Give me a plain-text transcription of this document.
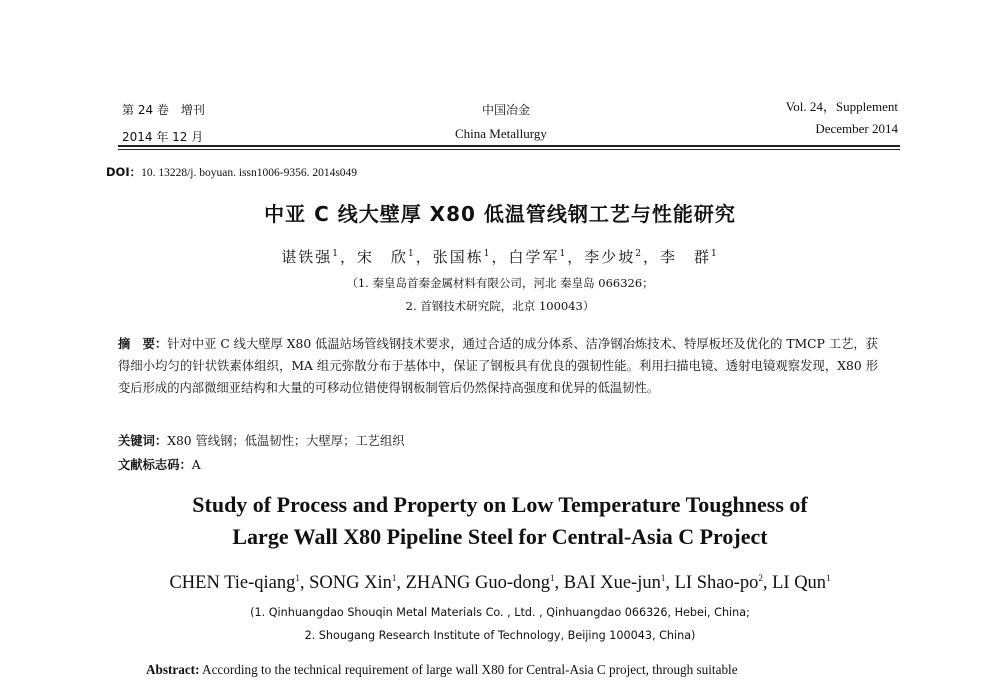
第 24 卷　增刊
2014 年 12 月
中国冶金
China Metallurgy
Vol. 24，Supplement
December 2014
DOI：10. 13228/j. boyuan. issn1006-9356. 2014s049
中亚 C 线大壁厚 X80 低温管线钢工艺与性能研究
谌铁强$^1$，宋　欣$^1$，张国栋$^1$，白学军$^1$，李少坡$^2$，李　群$^1$
（1. 秦皇岛首秦金属材料有限公司，河北 秦皇岛 066326；
2. 首钢技术研究院，北京 100043）
摘　要：针对中亚 C 线大壁厚 X80 低温站场管线钢技术要求，通过合适的成分体系、洁净钢冶炼技术、特厚板坯及优化的 TMCP 工艺，获得细小均匀的针状铁素体组织，MA 组元弥散分布于基体中，保证了钢板具有优良的强韧性能。利用扫描电镜、透射电镜观察发现，X80 形变后形成的内部微细亚结构和大量的可移动位错使得钢板制管后仍然保持高强度和优异的低温韧性。
关键词：X80 管线钢；低温韧性；大壁厚；工艺组织
文献标志码：A
Study of Process and Property on Low Temperature Toughness of
Large Wall X80 Pipeline Steel for Central-Asia C Project
CHEN Tie-qiang$^1$, SONG Xin$^1$, ZHANG Guo-dong$^1$, BAI Xue-jun$^1$, LI Shao-$po^2$, LI Qun$^1$
(1. Qinhuangdao Shouqin Metal Materials Co. , Ltd. , Qinhuangdao 066326, Hebei, China;
2. Shougang Research Institute of Technology, Beijing 100043, China)
Abstract: According to the technical requirement of large wall X80 for Central-Asia C project, through suitable
